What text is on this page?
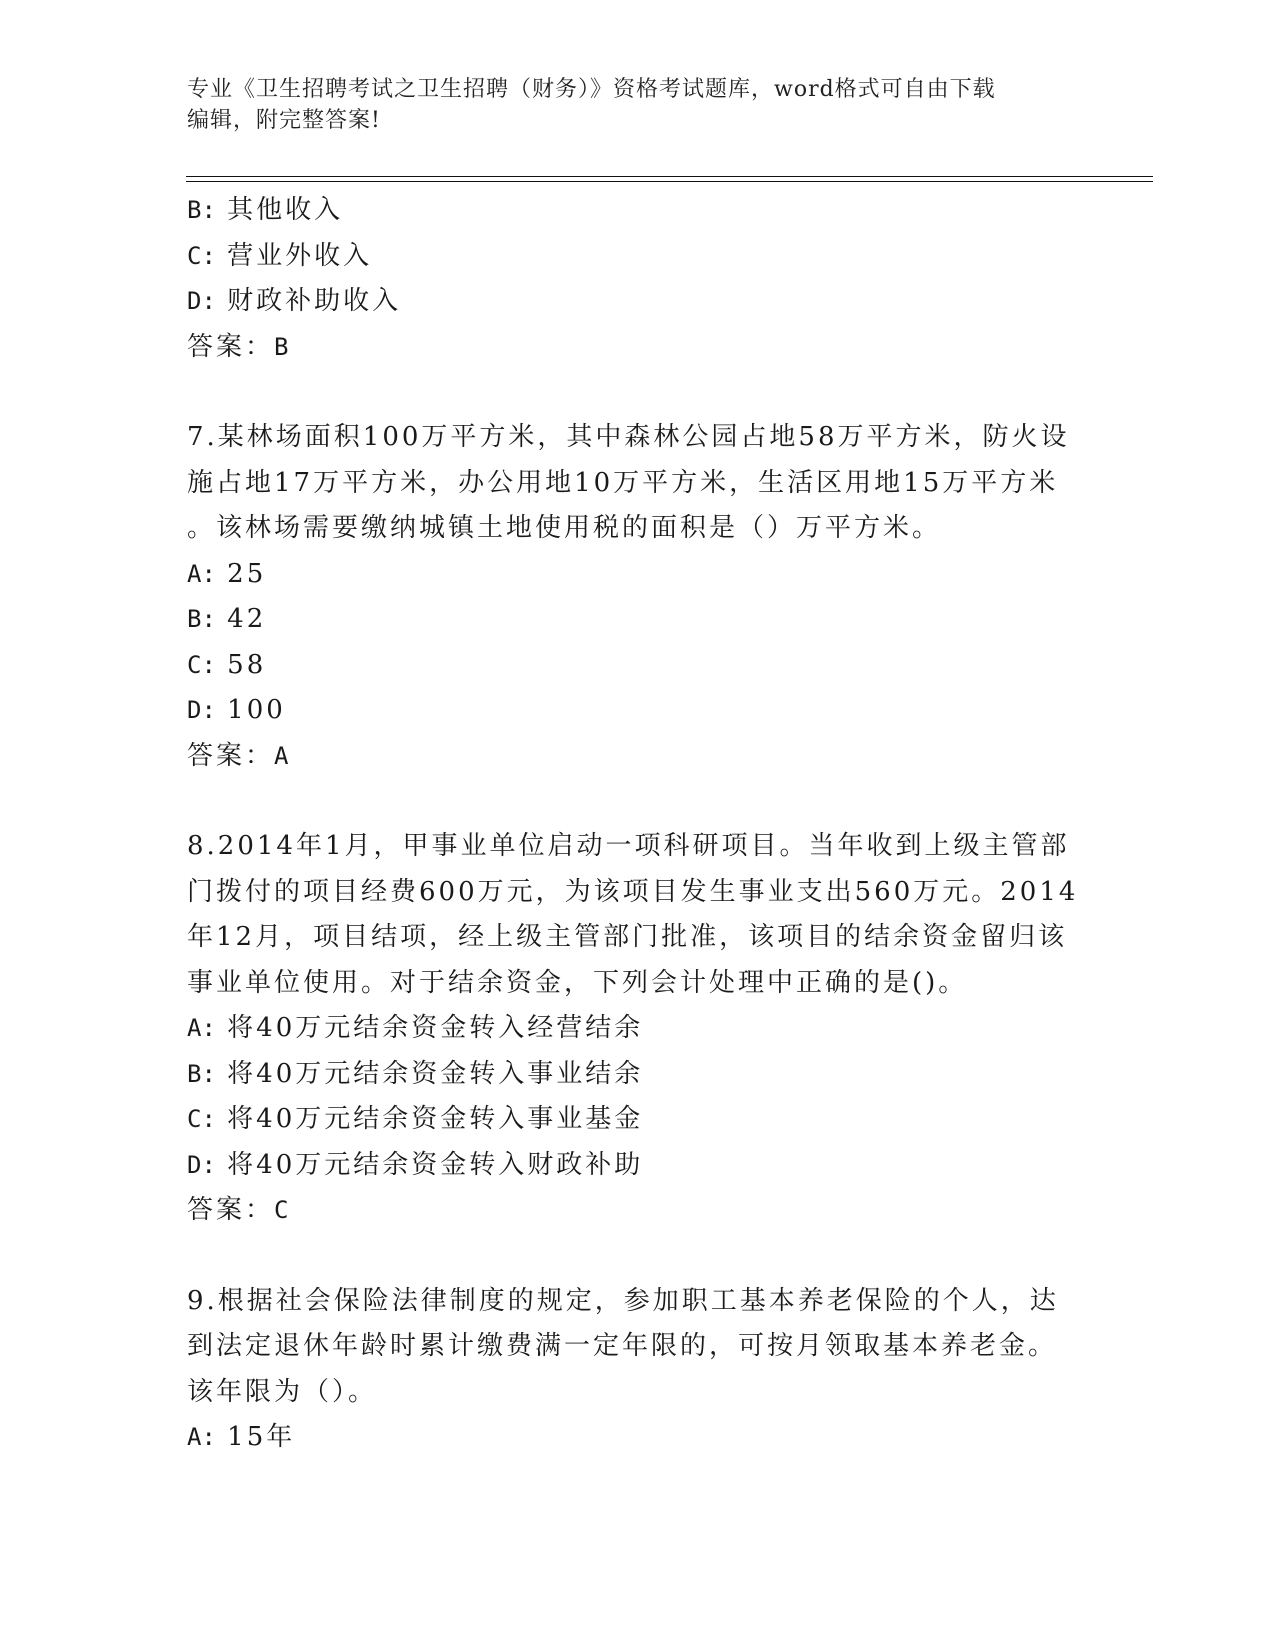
专业《卫生招聘考试之卫生招聘（财务）》资格考试题库，word格式可自由下载
编辑，附完整答案!
B: 其他收入
C: 营业外收入
D: 财政补助收入
答案：B
7.某林场面积100万平方米，其中森林公园占地58万平方米，防火设
施占地17万平方米，办公用地10万平方米，生活区用地15万平方米
。该林场需要缴纳城镇土地使用税的面积是（）万平方米。
A: 25
B: 42
C: 58
D: 100
答案：A
8.2014年1月，甲事业单位启动一项科研项目。当年收到上级主管部
门拨付的项目经费600万元，为该项目发生事业支出560万元。2014
年12月，项目结项，经上级主管部门批准，该项目的结余资金留归该
事业单位使用。对于结余资金，下列会计处理中正确的是()。
A: 将40万元结余资金转入经营结余
B: 将40万元结余资金转入事业结余
C: 将40万元结余资金转入事业基金
D: 将40万元结余资金转入财政补助
答案：C
9.根据社会保险法律制度的规定，参加职工基本养老保险的个人，达
到法定退休年龄时累计缴费满一定年限的，可按月领取基本养老金。
该年限为（）。
A: 15年
